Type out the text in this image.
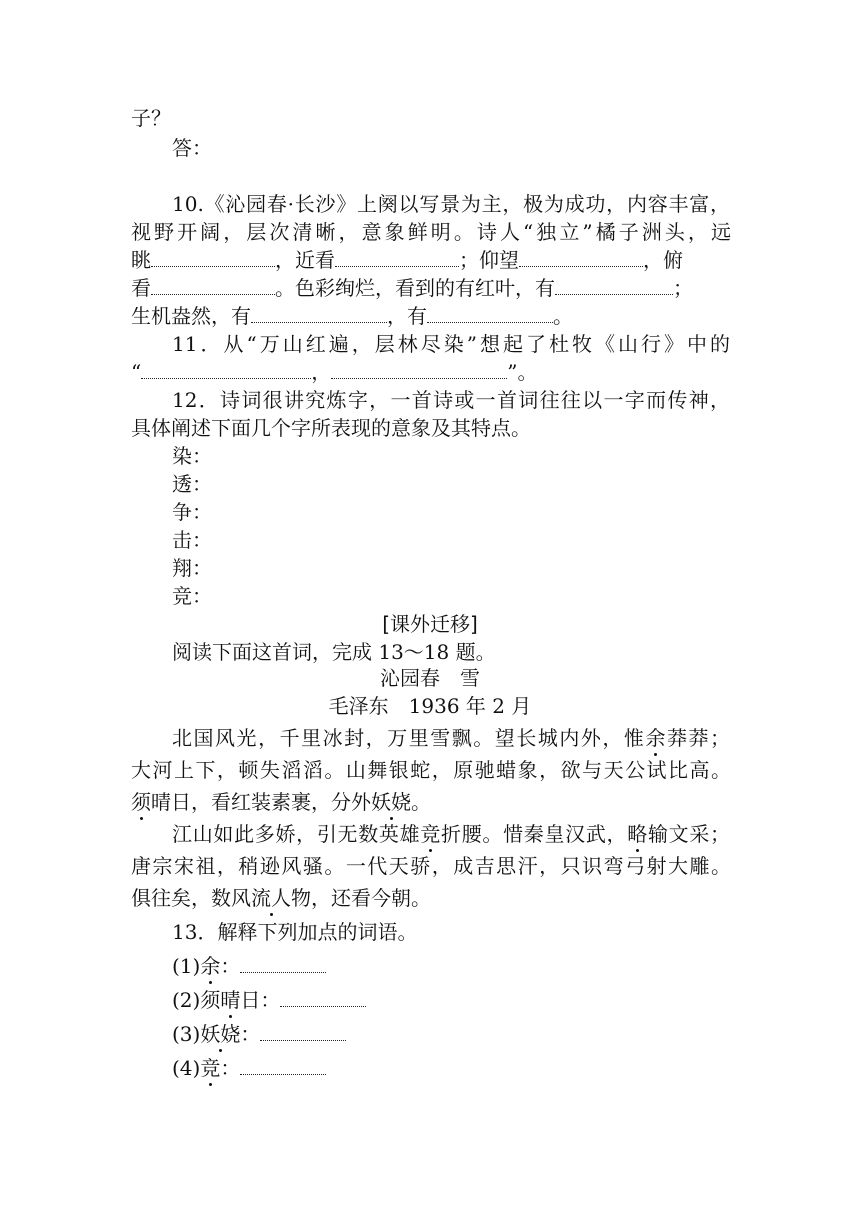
子？
答：
10.《沁园春·长沙》上阕以写景为主，极为成功，内容丰富，
视野开阔，层次清晰，意象鲜明。诗人“独立”橘子洲头，远
眺	，近看	；仰望	，俯
看	。色彩绚烂，看到的有红叶，有	；
生机盎然，有	，有	。
11．从“万山红遍，层林尽染”想起了杜牧《山行》中的
“	，	”。
12．诗词很讲究炼字，一首诗或一首词往往以一字而传神，
具体阐述下面几个字所表现的意象及其特点。
染：
透：
争：
击：
翔：
竞：
[课外迁移]
阅读下面这首词，完成 13～18 题。
沁园春　雪
毛泽东　1936 年 2 月
北国风光，千里冰封，万里雪飘。望长城内外，惟余莽莽；
大河上下，顿失滔滔。山舞银蛇，原驰蜡象，欲与天公试比高。
须晴日，看红装素裹，分外妖娆。
江山如此多娇，引无数英雄竞折腰。惜秦皇汉武，略输文采；
唐宗宋祖，稍逊风骚。一代天骄，成吉思汗，只识弯弓射大雕。
俱往矣，数风流人物，还看今朝。
13．解释下列加点的词语。
(1)余：
(2)须晴日：
(3)妖娆：
(4)竞：
